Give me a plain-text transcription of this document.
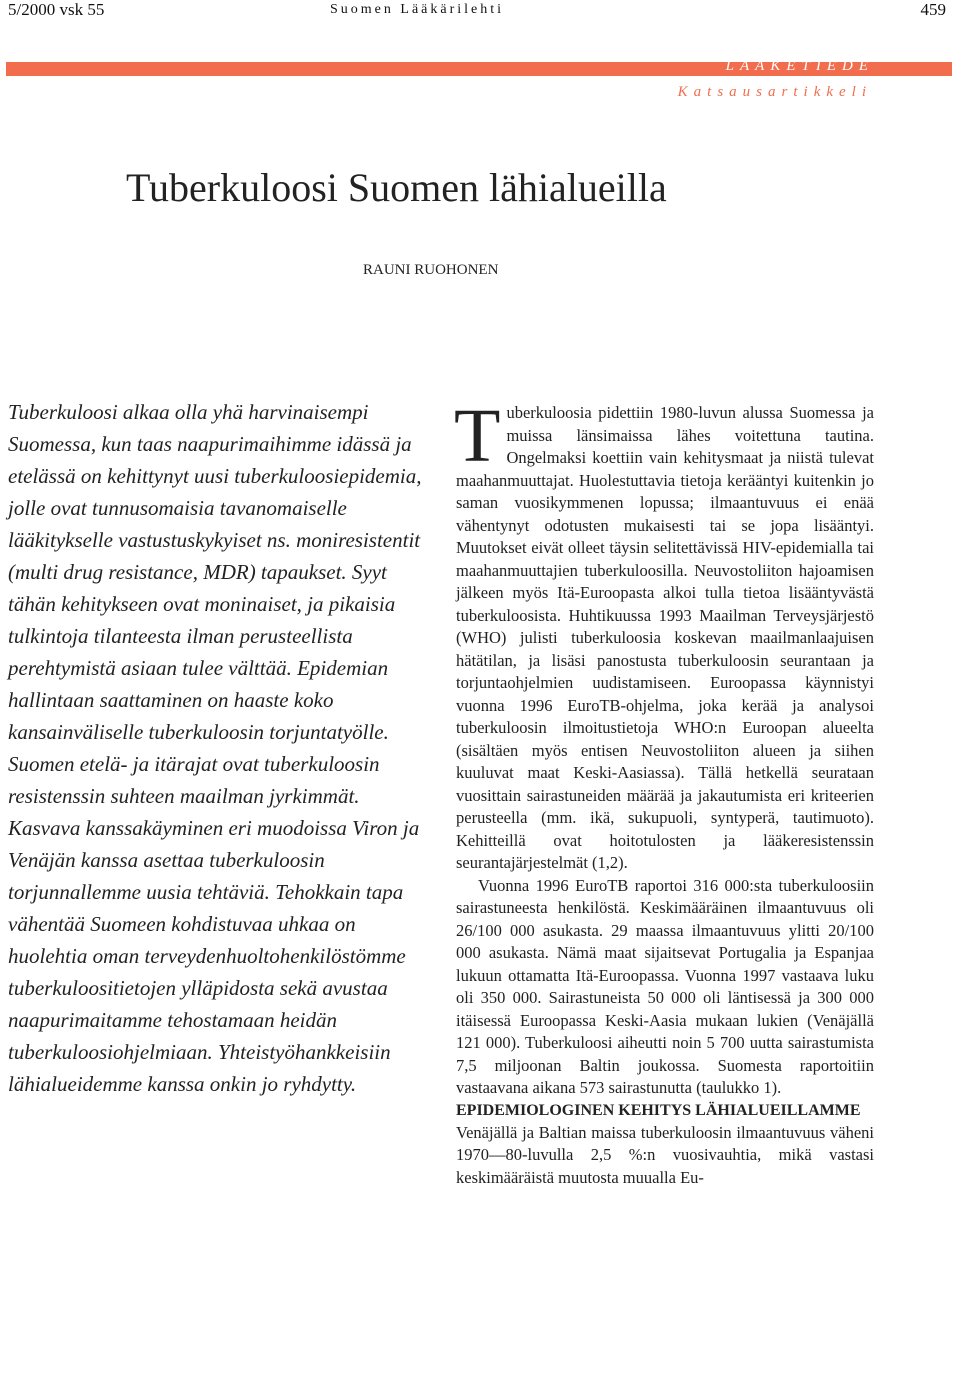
5/2000 vsk 55	Suomen Lääkärilehti	459
LÄÄKETIEDE
Katsausartikkeli
Tuberkuloosi Suomen lähialueilla
RAUNI RUOHONEN

Tuberkuloosi alkaa olla yhä harvinaisempi Suomessa, kun taas naapurimaihimme idässä ja etelässä on kehittynyt uusi tuberkuloosiepidemia, jolle ovat tunnusomaisia tavanomaiselle lääkitykselle vastustuskykyiset ns. moniresistentit (multi drug resistance, MDR) tapaukset. Syyt tähän kehitykseen ovat moninaiset, ja pikaisia tulkintoja tilanteesta ilman perusteellista perehtymistä asiaan tulee välttää. Epidemian hallintaan saattaminen on haaste koko kansainväliselle tuberkuloosin torjuntatyölle. Suomen etelä- ja itärajat ovat tuberkuloosin resistenssin suhteen maailman jyrkimmät. Kasvava kanssakäyminen eri muodoissa Viron ja Venäjän kanssa asettaa tuberkuloosin torjunnallemme uusia tehtäviä. Tehokkain tapa vähentää Suomeen kohdistuvaa uhkaa on huolehtia oman terveydenhuoltohenkilöstömme tuberkuloositietojen ylläpidosta sekä avustaa naapurimaitamme tehostamaan heidän tuberkuloosiohjelmiaan. Yhteistyöhankkeisiin lähialueidemme kanssa onkin jo ryhdytty.

Tuberkuloosia pidettiin 1980-luvun alussa Suomessa ja muissa länsimaissa lähes voitettuna tautina. Ongelmaksi koettiin vain kehitysmaat ja niistä tulevat maahanmuuttajat. Huolestuttavia tietoja kerääntyi kuitenkin jo saman vuosikymmenen lopussa; ilmaantuvuus ei enää vähentynyt odotusten mukaisesti tai se jopa lisääntyi. Muutokset eivät olleet täysin selitettävissä HIV-epidemialla tai maahanmuuttajien tuberkuloosilla. Neuvostoliiton hajoamisen jälkeen myös Itä-Euroopasta alkoi tulla tietoa lisääntyvästä tuberkuloosista. Huhtikuussa 1993 Maailman Terveysjärjestö (WHO) julisti tuberkuloosia koskevan maailmanlaajuisen hätätilan, ja lisäsi panostusta tuberkuloosin seurantaan ja torjuntaohjelmien uudistamiseen. Euroopassa käynnistyi vuonna 1996 EuroTB-ohjelma, joka kerää ja analysoi tuberkuloosin ilmoitustietoja WHO:n Euroopan alueelta (sisältäen myös entisen Neuvostoliiton alueen ja siihen kuuluvat maat Keski-Aasiassa). Tällä hetkellä seurataan vuosittain sairastuneiden määrää ja jakautumista eri kriteerien perusteella (mm. ikä, sukupuoli, syntyperä, tautimuoto). Kehitteillä ovat hoitotulosten ja lääkeresistenssin seurantajärjestelmät (1,2).

Vuonna 1996 EuroTB raportoi 316 000:sta tuberkuloosiin sairastuneesta henkilöstä. Keskimääräinen ilmaantuvuus oli 26/100 000 asukasta. 29 maassa ilmaantuvuus ylitti 20/100 000 asukasta. Nämä maat sijaitsevat Portugalia ja Espanjaa lukuun ottamatta Itä-Euroopassa. Vuonna 1997 vastaava luku oli 350 000. Sairastuneista 50 000 oli läntisessä ja 300 000 itäisessä Euroopassa Keski-Aasia mukaan lukien (Venäjällä 121 000). Tuberkuloosi aiheutti noin 5 700 uutta sairastumista 7,5 miljoonan Baltin joukossa. Suomesta raportoitiin vastaavana aikana 573 sairastunutta (taulukko 1).

EPIDEMIOLOGINEN KEHITYS LÄHIALUEILLAMME

Venäjällä ja Baltian maissa tuberkuloosin ilmaantuvuus väheni 1970—80-luvulla 2,5 %:n vuosivauhtia, mikä vastasi keskimääräistä muutosta muualla Eu-
